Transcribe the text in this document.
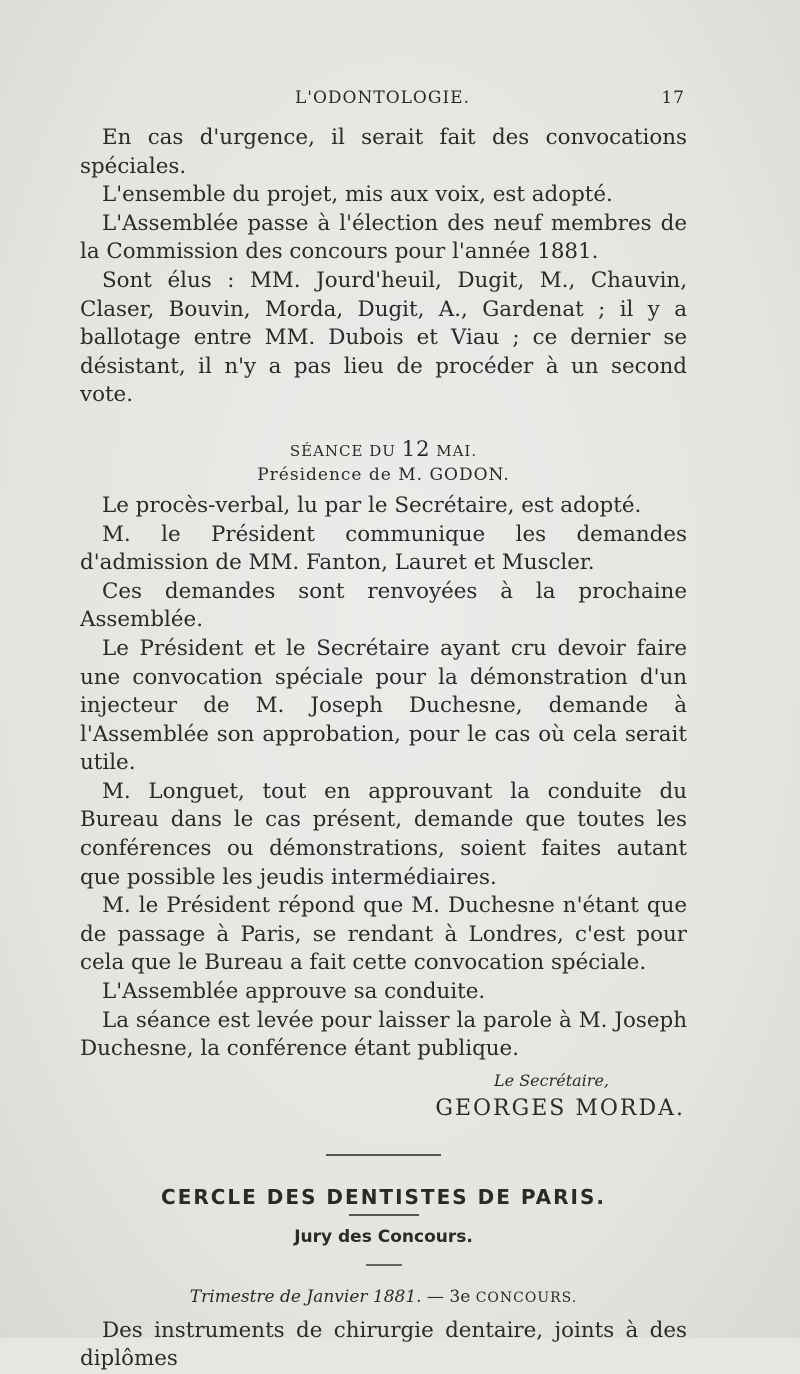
L'ODONTOLOGIE.	17

En cas d'urgence, il serait fait des convocations spéciales.

L'ensemble du projet, mis aux voix, est adopté.

L'Assemblée passe à l'élection des neuf membres de la Commission des concours pour l'année 1881.

Sont élus : MM. Jourd'heuil, Dugit, M., Chauvin, Claser, Bouvin, Morda, Dugit, A., Gardenat ; il y a ballotage entre MM. Dubois et Viau ; ce dernier se désistant, il n'y a pas lieu de procéder à un second vote.

SÉANCE DU 12 MAI.
Présidence de M. GODON.

Le procès-verbal, lu par le Secrétaire, est adopté.

M. le Président communique les demandes d'admission de MM. Fanton, Lauret et Muscler.

Ces demandes sont renvoyées à la prochaine Assemblée.

Le Président et le Secrétaire ayant cru devoir faire une convocation spéciale pour la démonstration d'un injecteur de M. Joseph Duchesne, demande à l'Assemblée son approbation, pour le cas où cela serait utile.

M. Longuet, tout en approuvant la conduite du Bureau dans le cas présent, demande que toutes les conférences ou démonstrations, soient faites autant que possible les jeudis intermédiaires.

M. le Président répond que M. Duchesne n'étant que de passage à Paris, se rendant à Londres, c'est pour cela que le Bureau a fait cette convocation spéciale.

L'Assemblée approuve sa conduite.

La séance est levée pour laisser la parole à M. Joseph Duchesne, la conférence étant publique.

Le Secrétaire,

GEORGES MORDA.

CERCLE DES DENTISTES DE PARIS.
Jury des Concours.
Trimestre de Janvier 1881. — 3e CONCOURS.

Des instruments de chirurgie dentaire, joints à des diplômes
